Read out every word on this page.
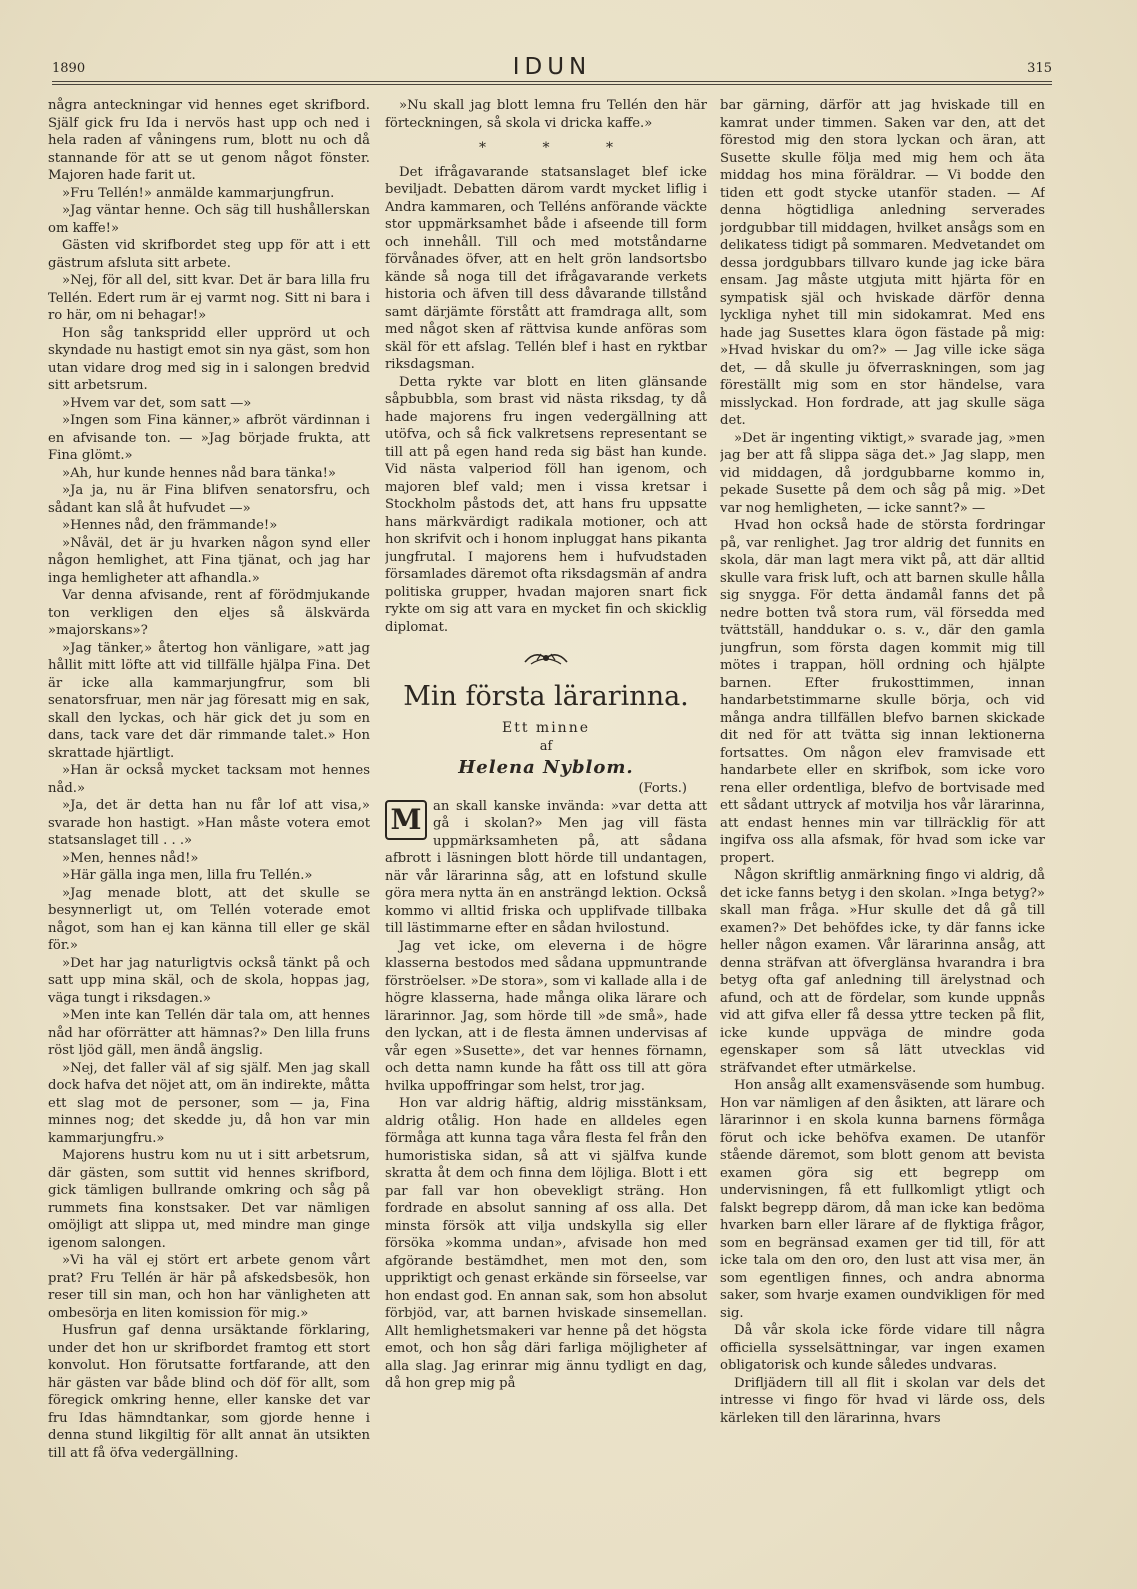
1890	IDUN	315

några anteckningar vid hennes eget skrifbord. Själf gick fru Ida i nervös hast upp och ned i hela raden af våningens rum, blott nu och då stannande för att se ut genom något fönster. Majoren hade farit ut.

»Fru Tellén!» anmälde kammarjungfrun.

»Jag väntar henne. Och säg till hushållerskan om kaffe!»

Gästen vid skrifbordet steg upp för att i ett gästrum afsluta sitt arbete.

»Nej, för all del, sitt kvar. Det är bara lilla fru Tellén. Edert rum är ej varmt nog. Sitt ni bara i ro här, om ni behagar!»

Hon såg tankspridd eller upprörd ut och skyndade nu hastigt emot sin nya gäst, som hon utan vidare drog med sig in i salongen bredvid sitt arbetsrum.

»Hvem var det, som satt —»

»Ingen som Fina känner,» afbröt värdinnan i en afvisande ton. — »Jag började frukta, att Fina glömt.»

»Ah, hur kunde hennes nåd bara tänka!»

»Ja ja, nu är Fina blifven senatorsfru, och sådant kan slå åt hufvudet —»

»Hennes nåd, den främmande!»

»Nåväl, det är ju hvarken någon synd eller någon hemlighet, att Fina tjänat, och jag har inga hemligheter att afhandla.»

Var denna afvisande, rent af förödmjukande ton verkligen den eljes så älskvärda »majorskans»?

»Jag tänker,» återtog hon vänligare, »att jag hållit mitt löfte att vid tillfälle hjälpa Fina. Det är icke alla kammarjungfrur, som bli senatorsfruar, men när jag föresatt mig en sak, skall den lyckas, och här gick det ju som en dans, tack vare det där rimmande talet.» Hon skrattade hjärtligt.

»Han är också mycket tacksam mot hennes nåd.»

»Ja, det är detta han nu får lof att visa,» svarade hon hastigt. »Han måste votera emot statsanslaget till . . .»

»Men, hennes nåd!»

»Här gälla inga men, lilla fru Tellén.»

»Jag menade blott, att det skulle se besynnerligt ut, om Tellén voterade emot något, som han ej kan känna till eller ge skäl för.»

»Det har jag naturligtvis också tänkt på och satt upp mina skäl, och de skola, hoppas jag, väga tungt i riksdagen.»

»Men inte kan Tellén där tala om, att hennes nåd har oförrätter att hämnas?» Den lilla fruns röst ljöd gäll, men ändå ängslig.

»Nej, det faller väl af sig själf. Men jag skall dock hafva det nöjet att, om än indirekte, måtta ett slag mot de personer, som — ja, Fina minnes nog; det skedde ju, då hon var min kammarjungfru.»

Majorens hustru kom nu ut i sitt arbetsrum, där gästen, som suttit vid hennes skrifbord, gick tämligen bullrande omkring och såg på rummets fina konstsaker. Det var nämligen omöjligt att slippa ut, med mindre man ginge igenom salongen.

»Vi ha väl ej stört ert arbete genom vårt prat? Fru Tellén är här på afskedsbesök, hon reser till sin man, och hon har vänligheten att ombesörja en liten komission för mig.»

Husfrun gaf denna ursäktande förklaring, under det hon ur skrifbordet framtog ett stort konvolut. Hon förutsatte fortfarande, att den här gästen var både blind och döf för allt, som föregick omkring henne, eller kanske det var fru Idas hämndtankar, som gjorde henne i denna stund likgiltig för allt annat än utsikten till att få öfva vedergällning.

»Nu skall jag blott lemna fru Tellén den här förteckningen, så skola vi dricka kaffe.»

* * *

Det ifrågavarande statsanslaget blef icke beviljadt. Debatten därom vardt mycket liflig i Andra kammaren, och Telléns anförande väckte stor uppmärksamhet både i afseende till form och innehåll. Till och med motståndarne förvånades öfver, att en helt grön landsortsbo kände så noga till det ifrågavarande verkets historia och äfven till dess dåvarande tillstånd samt därjämte förstått att framdraga allt, som med något sken af rättvisa kunde anföras som skäl för ett afslag. Tellén blef i hast en ryktbar riksdagsman.

Detta rykte var blott en liten glänsande såpbubbla, som brast vid nästa riksdag, ty då hade majorens fru ingen vedergällning att utöfva, och så fick valkretsens representant se till att på egen hand reda sig bäst han kunde. Vid nästa valperiod föll han igenom, och majoren blef vald; men i vissa kretsar i Stockholm påstods det, att hans fru uppsatte hans märkvärdigt radikala motioner, och att hon skrifvit och i honom inpluggat hans pikanta jungfrutal. I majorens hem i hufvudstaden församlades däremot ofta riksdagsmän af andra politiska grupper, hvadan majoren snart fick rykte om sig att vara en mycket fin och skicklig diplomat.

Min första lärarinna.
Ett minne
af
Helena Nyblom.
(Forts.)
M an skall kanske invända: »var detta att gå i skolan?» Men jag vill fästa uppmärksamheten på, att sådana afbrott i läsningen blott hörde till undantagen, när vår lärarinna såg, att en lofstund skulle göra mera nytta än en ansträngd lektion. Också kommo vi alltid friska och upplifvade tillbaka till lästimmarne efter en sådan hvilostund.

Jag vet icke, om eleverna i de högre klasserna bestodos med sådana uppmuntrande förströelser. »De stora», som vi kallade alla i de högre klasserna, hade många olika lärare och lärarinnor. Jag, som hörde till »de små», hade den lyckan, att i de flesta ämnen undervisas af vår egen »Susette», det var hennes förnamn, och detta namn kunde ha fått oss till att göra hvilka uppoffringar som helst, tror jag.

Hon var aldrig häftig, aldrig misstänksam, aldrig otålig. Hon hade en alldeles egen förmåga att kunna taga våra flesta fel från den humoristiska sidan, så att vi själfva kunde skratta åt dem och finna dem löjliga. Blott i ett par fall var hon obevekligt sträng. Hon fordrade en absolut sanning af oss alla. Det minsta försök att vilja undskylla sig eller försöka »komma undan», afvisade hon med afgörande bestämdhet, men mot den, som uppriktigt och genast erkände sin förseelse, var hon endast god. En annan sak, som hon absolut förbjöd, var, att barnen hviskade sinsemellan. Allt hemlighetsmakeri var henne på det högsta emot, och hon såg däri farliga möjligheter af alla slag. Jag erinrar mig ännu tydligt en dag, då hon grep mig på

bar gärning, därför att jag hviskade till en kamrat under timmen. Saken var den, att det förestod mig den stora lyckan och äran, att Susette skulle följa med mig hem och äta middag hos mina föräldrar. — Vi bodde den tiden ett godt stycke utanför staden. — Af denna högtidliga anledning serverades jordgubbar till middagen, hvilket ansågs som en delikatess tidigt på sommaren. Medvetandet om dessa jordgubbars tillvaro kunde jag icke bära ensam. Jag måste utgjuta mitt hjärta för en sympatisk själ och hviskade därför denna lyckliga nyhet till min sidokamrat. Med ens hade jag Susettes klara ögon fästade på mig: »Hvad hviskar du om?» — Jag ville icke säga det, — då skulle ju öfverraskningen, som jag föreställt mig som en stor händelse, vara misslyckad. Hon fordrade, att jag skulle säga det.

»Det är ingenting viktigt,» svarade jag, »men jag ber att få slippa säga det.» Jag slapp, men vid middagen, då jordgubbarne kommo in, pekade Susette på dem och såg på mig. »Det var nog hemligheten, — icke sannt?» —

Hvad hon också hade de största fordringar på, var renlighet. Jag tror aldrig det funnits en skola, där man lagt mera vikt på, att där alltid skulle vara frisk luft, och att barnen skulle hålla sig snygga. För detta ändamål fanns det på nedre botten två stora rum, väl försedda med tvättställ, handdukar o. s. v., där den gamla jungfrun, som första dagen kommit mig till mötes i trappan, höll ordning och hjälpte barnen. Efter frukosttimmen, innan handarbetstimmarne skulle börja, och vid många andra tillfällen blefvo barnen skickade dit ned för att tvätta sig innan lektionerna fortsattes. Om någon elev framvisade ett handarbete eller en skrifbok, som icke voro rena eller ordentliga, blefvo de bortvisade med ett sådant uttryck af motvilja hos vår lärarinna, att endast hennes min var tillräcklig för att ingifva oss alla afsmak, för hvad som icke var propert.

Någon skriftlig anmärkning fingo vi aldrig, då det icke fanns betyg i den skolan. »Inga betyg?» skall man fråga. »Hur skulle det då gå till examen?» Det behöfdes icke, ty där fanns icke heller någon examen. Vår lärarinna ansåg, att denna sträfvan att öfverglänsa hvarandra i bra betyg ofta gaf anledning till ärelystnad och afund, och att de fördelar, som kunde uppnås vid att gifva eller få dessa yttre tecken på flit, icke kunde uppväga de mindre goda egenskaper som så lätt utvecklas vid sträfvandet efter utmärkelse.

Hon ansåg allt examensväsende som humbug. Hon var nämligen af den åsikten, att lärare och lärarinnor i en skola kunna barnens förmåga förut och icke behöfva examen. De utanför stående däremot, som blott genom att bevista examen göra sig ett begrepp om undervisningen, få ett fullkomligt ytligt och falskt begrepp därom, då man icke kan bedöma hvarken barn eller lärare af de flyktiga frågor, som en begränsad examen ger tid till, för att icke tala om den oro, den lust att visa mer, än som egentligen finnes, och andra abnorma saker, som hvarje examen oundvikligen för med sig.

Då vår skola icke förde vidare till några officiella sysselsättningar, var ingen examen obligatorisk och kunde således undvaras.

Drifljädern till all flit i skolan var dels det intresse vi fingo för hvad vi lärde oss, dels kärleken till den lärarinna, hvars
